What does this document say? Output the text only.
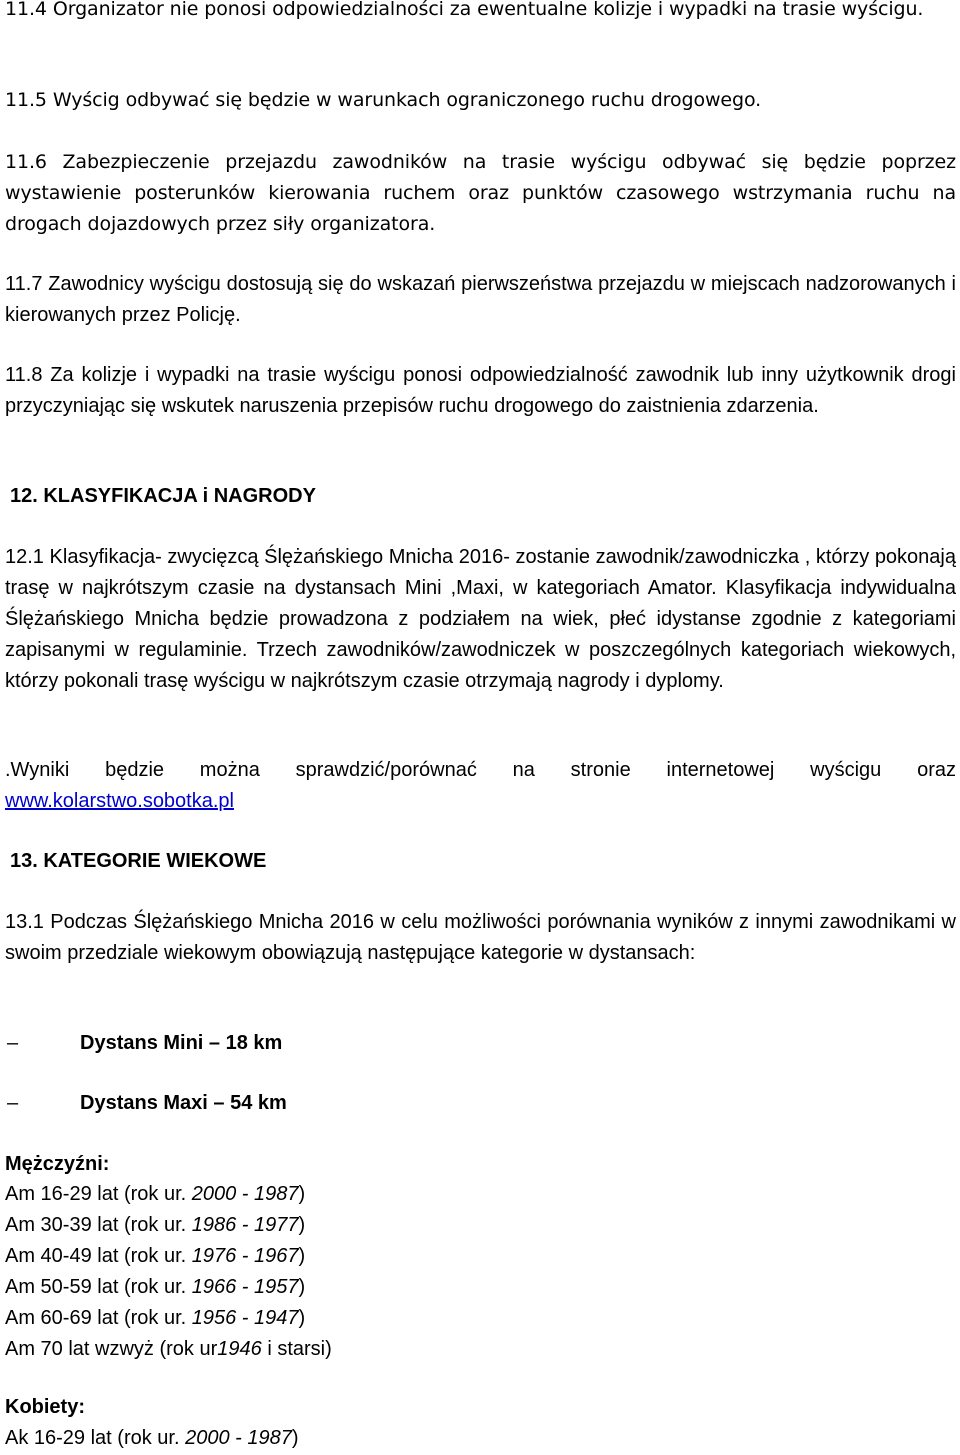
11.4 Organizator nie ponosi odpowiedzialności za ewentualne kolizje i wypadki na trasie wyścigu.

11.5 Wyścig odbywać się będzie w warunkach ograniczonego ruchu drogowego.

11.6 Zabezpieczenie przejazdu zawodników na trasie wyścigu odbywać się będzie poprzez wystawienie posterunków kierowania ruchem oraz punktów czasowego wstrzymania ruchu na drogach dojazdowych przez siły organizatora.

11.7 Zawodnicy wyścigu dostosują się do wskazań pierwszeństwa przejazdu w miejscach nadzorowanych i kierowanych przez Policję.

11.8 Za kolizje i wypadki na trasie wyścigu ponosi odpowiedzialność zawodnik lub inny użytkownik drogi przyczyniając się wskutek naruszenia przepisów ruchu drogowego do zaistnienia zdarzenia.

12. KLASYFIKACJA i NAGRODY

12.1 Klasyfikacja- zwycięzcą Ślężańskiego Mnicha 2016- zostanie zawodnik/zawodniczka , którzy pokonają trasę w najkrótszym czasie na dystansach Mini ,Maxi, w kategoriach Amator. Klasyfikacja indywidualna Ślężańskiego Mnicha będzie prowadzona z podziałem na wiek, płeć idystanse zgodnie z kategoriami zapisanymi w regulaminie. Trzech zawodników/zawodniczek w poszczególnych kategoriach wiekowych, którzy pokonali trasę wyścigu w najkrótszym czasie otrzymają nagrody i dyplomy.

.Wyniki będzie można sprawdzić/porównać na stronie internetowej wyścigu oraz

www.kolarstwo.sobotka.pl

13. KATEGORIE WIEKOWE

13.1 Podczas Ślężańskiego Mnicha 2016 w celu możliwości porównania wyników z innymi zawodnikami w swoim przedziale wiekowym obowiązują następujące kategorie w dystansach:

–	Dystans Mini – 18 km
–	Dystans Maxi – 54 km

Mężczyźni:

Am 16-29 lat (rok ur. 2000 - 1987)
Am 30-39 lat (rok ur. 1986 - 1977)
Am 40-49 lat (rok ur. 1976 - 1967)
Am 50-59 lat (rok ur. 1966 - 1957)
Am 60-69 lat (rok ur. 1956 - 1947)
Am 70 lat wzwyż (rok ur1946 i starsi)

Kobiety:

Ak 16-29 lat (rok ur. 2000 - 1987)
